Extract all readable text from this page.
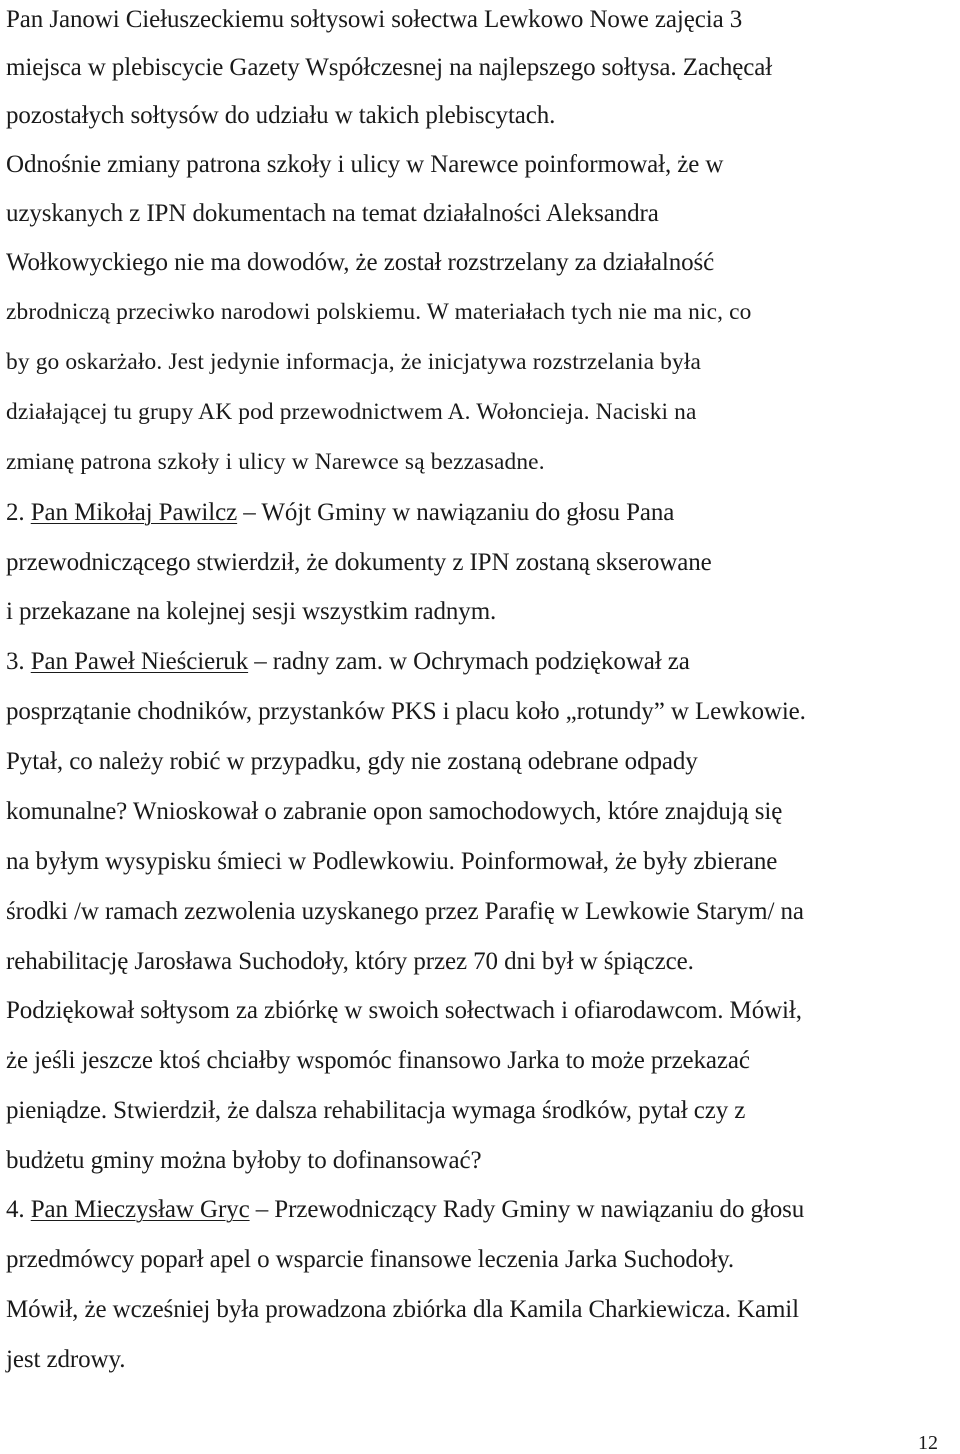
Pan Janowi Ciełuszeckiemu sołtysowi sołectwa Lewkowo Nowe zajęcia 3
miejsca w plebiscycie Gazety Współczesnej na najlepszego sołtysa. Zachęcał
pozostałych sołtysów do udziału w takich plebiscytach.
Odnośnie zmiany patrona szkoły i ulicy w Narewce poinformował, że w
uzyskanych z IPN dokumentach na temat działalności Aleksandra
Wołkowyckiego nie ma dowodów, że został rozstrzelany za działalność
zbrodniczą przeciwko narodowi polskiemu. W materiałach tych nie ma nic, co
by go oskarżało. Jest jedynie informacja, że inicjatywa rozstrzelania była
działającej tu grupy AK pod przewodnictwem A. Wołoncieja. Naciski na
zmianę patrona szkoły i ulicy w Narewce są bezzasadne.
2. Pan Mikołaj Pawilcz – Wójt Gminy w nawiązaniu do głosu Pana
przewodniczącego stwierdził, że dokumenty z IPN zostaną skserowane
i przekazane na kolejnej sesji wszystkim radnym.
3. Pan Paweł Nieścieruk – radny zam. w Ochrymach podziękował za
posprzątanie chodników, przystanków PKS i placu koło „rotundy” w Lewkowie.
Pytał, co należy robić w przypadku, gdy nie zostaną odebrane odpady
komunalne? Wnioskował o zabranie opon samochodowych, które znajdują się
na byłym wysypisku śmieci w Podlewkowiu. Poinformował, że były zbierane
środki /w ramach zezwolenia uzyskanego przez Parafię w Lewkowie Starym/ na
rehabilitację Jarosława Suchodoły, który przez 70 dni był w śpiączce.
Podziękował sołtysom za zbiórkę w swoich sołectwach i ofiarodawcom. Mówił,
że jeśli jeszcze ktoś chciałby wspomóc finansowo Jarka to może przekazać
pieniądze. Stwierdził, że dalsza rehabilitacja wymaga środków, pytał czy z
budżetu gminy można byłoby to dofinansować?
4. Pan Mieczysław Gryc – Przewodniczący Rady Gminy w nawiązaniu do głosu
przedmówcy poparł apel o wsparcie finansowe leczenia Jarka Suchodoły.
Mówił, że wcześniej była prowadzona zbiórka dla Kamila Charkiewicza. Kamil
jest zdrowy.
12
